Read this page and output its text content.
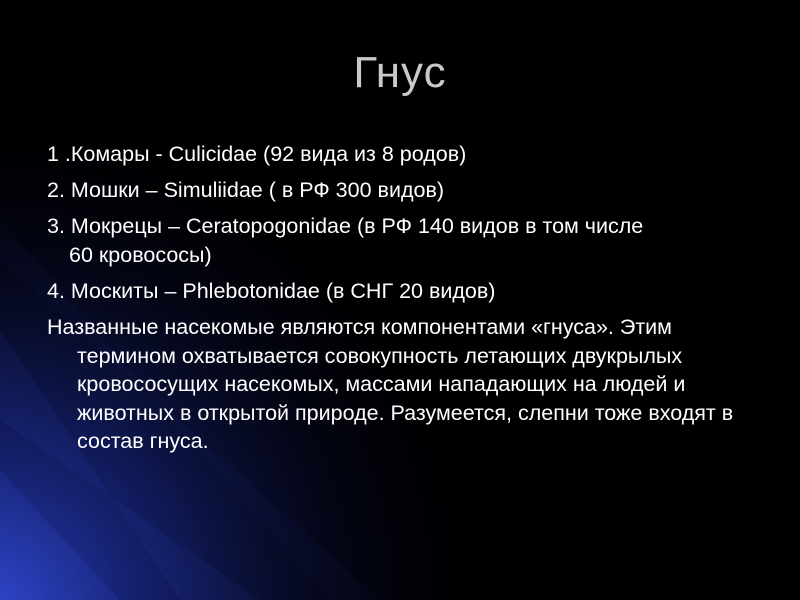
Гнус

1 .Комары - Culicidae (92 вида из 8 родов)

2. Мошки – Simuliidae ( в РФ 300 видов)

3. Мокрецы – Ceratopogonidae (в РФ 140 видов в том числе
60 кровососы)

4. Москиты – Phlebotonidae (в СНГ 20 видов)

Названные насекомые являются компонентами «гнуса». Этим термином охватывается совокупность летающих двукрылых кровососущих насекомых, массами нападающих на людей и животных в открытой природе. Разумеется, слепни тоже входят в состав гнуса.
